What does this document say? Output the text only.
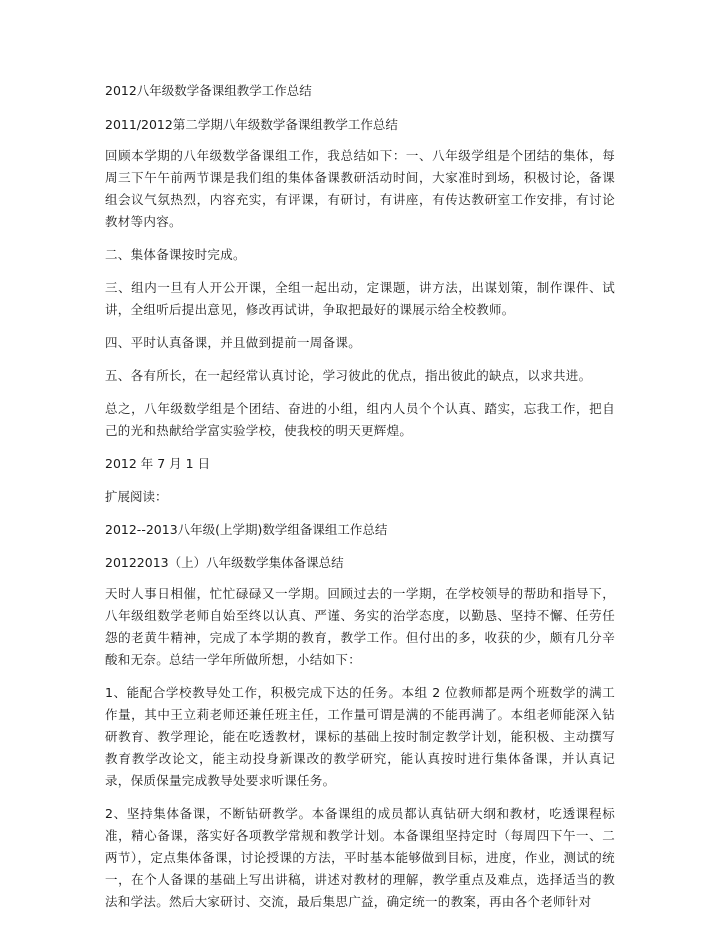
2012八年级数学备课组教学工作总结

2011/2012第二学期八年级数学备课组教学工作总结

回顾本学期的八年级数学备课组工作，我总结如下：一、八年级学组是个团结的集体，每周三下午午前两节课是我们组的集体备课教研活动时间，大家准时到场，积极讨论，备课组会议气氛热烈，内容充实，有评课，有研讨，有讲座，有传达教研室工作安排，有讨论教材等内容。

二、集体备课按时完成。

三、组内一旦有人开公开课，全组一起出动，定课题，讲方法，出谋划策，制作课件、试讲，全组听后提出意见，修改再试讲，争取把最好的课展示给全校教师。

四、平时认真备课，并且做到提前一周备课。

五、各有所长，在一起经常认真讨论，学习彼此的优点，指出彼此的缺点，以求共进。

总之，八年级数学组是个团结、奋进的小组，组内人员个个认真、踏实，忘我工作，把自己的光和热献给学富实验学校，使我校的明天更辉煌。

2012 年 7 月 1 日

扩展阅读：

2012--2013八年级(上学期)数学组备课组工作总结

20122013（上）八年级数学集体备课总结

天时人事日相催，忙忙碌碌又一学期。回顾过去的一学期，在学校领导的帮助和指导下，八年级组数学老师自始至终以认真、严谨、务实的治学态度，以勤恳、坚持不懈、任劳任怨的老黄牛精神，完成了本学期的教育，教学工作。但付出的多，收获的少，颇有几分辛酸和无奈。总结一学年所做所想，小结如下：

1、能配合学校教导处工作，积极完成下达的任务。本组 2 位教师都是两个班数学的满工作量，其中王立莉老师还兼任班主任，工作量可谓是满的不能再满了。本组老师能深入钻研教育、教学理论，能在吃透教材，课标的基础上按时制定教学计划，能积极、主动撰写教育教学改论文，能主动投身新课改的教学研究，能认真按时进行集体备课，并认真记录，保质保量完成教导处要求听课任务。

2、坚持集体备课，不断钻研教学。本备课组的成员都认真钻研大纲和教材，吃透课程标准，精心备课，落实好各项教学常规和教学计划。本备课组坚持定时（每周四下午一、二两节），定点集体备课，讨论授课的方法，平时基本能够做到目标，进度，作业，测试的统一，在个人备课的基础上写出讲稿，讲述对教材的理解，教学重点及难点，选择适当的教法和学法。然后大家研讨、交流，最后集思广益，确定统一的教案，再由各个老师针对
